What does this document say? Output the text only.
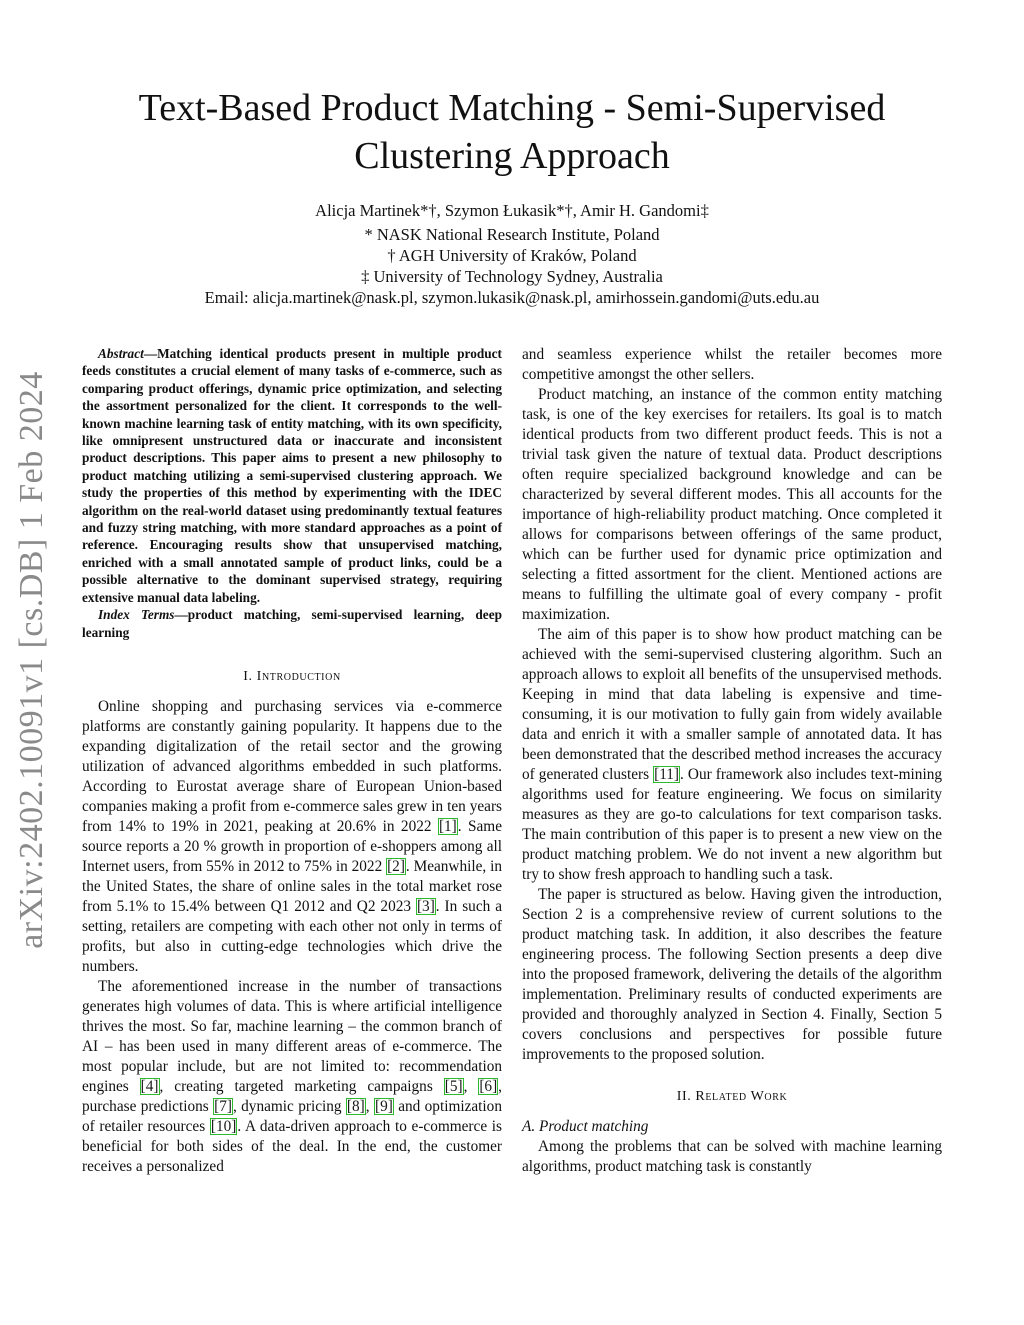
arXiv:2402.10091v1 [cs.DB] 1 Feb 2024
Text-Based Product Matching - Semi-Supervised
Clustering Approach
Alicja Martinek*†, Szymon Łukasik*†, Amir H. Gandomi‡
* NASK National Research Institute, Poland
† AGH University of Kraków, Poland
‡ University of Technology Sydney, Australia
Email: alicja.martinek@nask.pl, szymon.lukasik@nask.pl, amirhossein.gandomi@uts.edu.au
Abstract—Matching identical products present in multiple product feeds constitutes a crucial element of many tasks of e-commerce, such as comparing product offerings, dynamic price optimization, and selecting the assortment personalized for the client. It corresponds to the well-known machine learning task of entity matching, with its own specificity, like omnipresent unstructured data or inaccurate and inconsistent product descriptions. This paper aims to present a new philosophy to product matching utilizing a semi-supervised clustering approach. We study the properties of this method by experimenting with the IDEC algorithm on the real-world dataset using predominantly textual features and fuzzy string matching, with more standard approaches as a point of reference. Encouraging results show that unsupervised matching, enriched with a small annotated sample of product links, could be a possible alternative to the dominant supervised strategy, requiring extensive manual data labeling.
Index Terms—product matching, semi-supervised learning, deep learning
I. Introduction

Online shopping and purchasing services via e-commerce platforms are constantly gaining popularity. It happens due to the expanding digitalization of the retail sector and the growing utilization of advanced algorithms embedded in such platforms. According to Eurostat average share of European Union-based companies making a profit from e-commerce sales grew in ten years from 14% to 19% in 2021, peaking at 20.6% in 2022 [1]. Same source reports a 20 % growth in proportion of e-shoppers among all Internet users, from 55% in 2012 to 75% in 2022 [2]. Meanwhile, in the United States, the share of online sales in the total market rose from 5.1% to 15.4% between Q1 2012 and Q2 2023 [3]. In such a setting, retailers are competing with each other not only in terms of profits, but also in cutting-edge technologies which drive the numbers.

The aforementioned increase in the number of transactions generates high volumes of data. This is where artificial intelligence thrives the most. So far, machine learning – the common branch of AI – has been used in many different areas of e-commerce. The most popular include, but are not limited to: recommendation engines [4], creating targeted marketing campaigns [5], [6], purchase predictions [7], dynamic pricing [8], [9] and optimization of retailer resources [10]. A data-driven approach to e-commerce is beneficial for both sides of the deal. In the end, the customer receives a personalized

and seamless experience whilst the retailer becomes more competitive amongst the other sellers.

Product matching, an instance of the common entity matching task, is one of the key exercises for retailers. Its goal is to match identical products from two different product feeds. This is not a trivial task given the nature of textual data. Product descriptions often require specialized background knowledge and can be characterized by several different modes. This all accounts for the importance of high-reliability product matching. Once completed it allows for comparisons between offerings of the same product, which can be further used for dynamic price optimization and selecting a fitted assortment for the client. Mentioned actions are means to fulfilling the ultimate goal of every company - profit maximization.

The aim of this paper is to show how product matching can be achieved with the semi-supervised clustering algorithm. Such an approach allows to exploit all benefits of the unsupervised methods. Keeping in mind that data labeling is expensive and time-consuming, it is our motivation to fully gain from widely available data and enrich it with a smaller sample of annotated data. It has been demonstrated that the described method increases the accuracy of generated clusters [11]. Our framework also includes text-mining algorithms used for feature engineering. We focus on similarity measures as they are go-to calculations for text comparison tasks. The main contribution of this paper is to present a new view on the product matching problem. We do not invent a new algorithm but try to show fresh approach to handling such a task.

The paper is structured as below. Having given the introduction, Section 2 is a comprehensive review of current solutions to the product matching task. In addition, it also describes the feature engineering process. The following Section presents a deep dive into the proposed framework, delivering the details of the algorithm implementation. Preliminary results of conducted experiments are provided and thoroughly analyzed in Section 4. Finally, Section 5 covers conclusions and perspectives for possible future improvements to the proposed solution.

II. Related Work

A. Product matching

Among the problems that can be solved with machine learning algorithms, product matching task is constantly
